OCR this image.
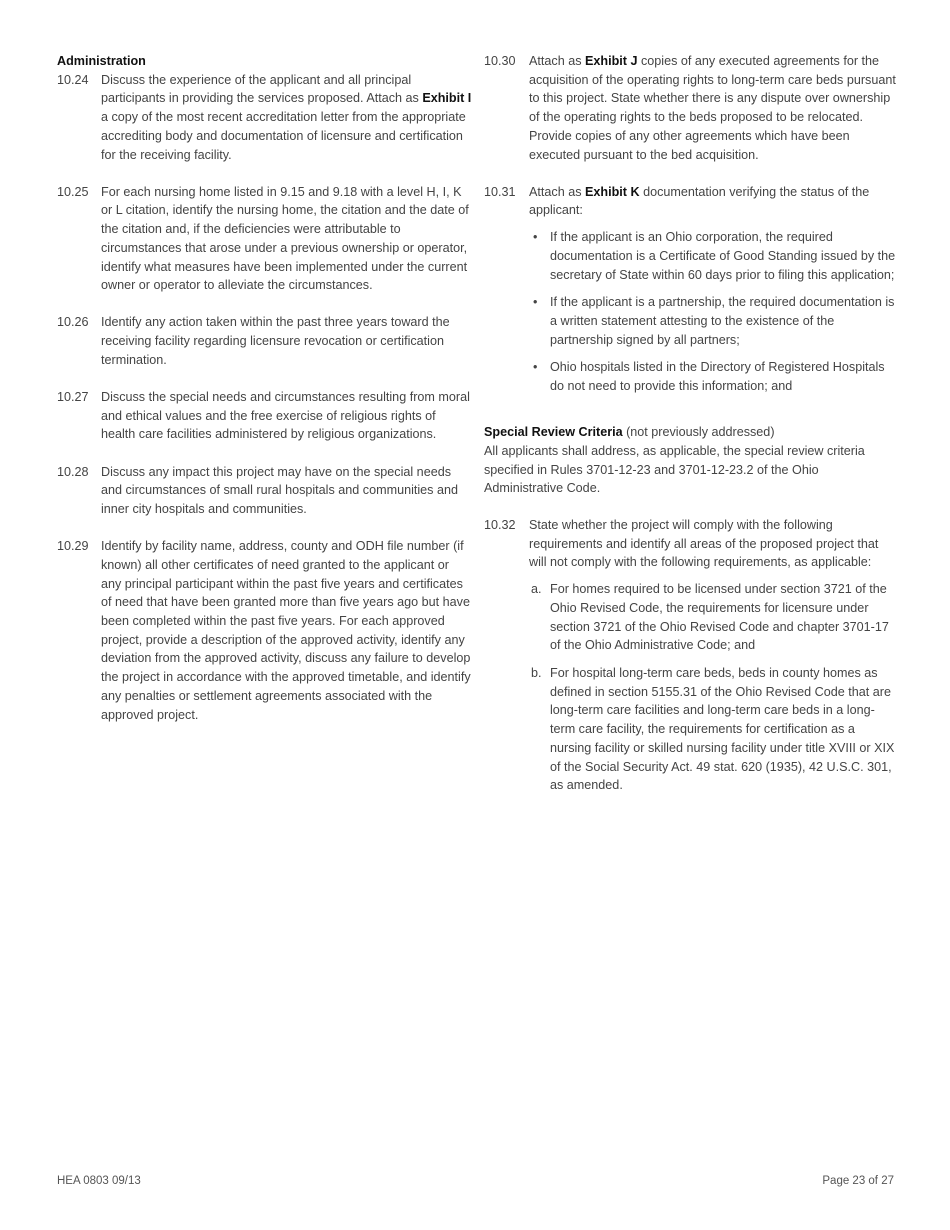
Administration
10.24 Discuss the experience of the applicant and all principal participants in providing the services proposed. Attach as Exhibit I a copy of the most recent accreditation letter from the appropriate accrediting body and documentation of licensure and certification for the receiving facility.
10.25 For each nursing home listed in 9.15 and 9.18 with a level H, I, K or L citation, identify the nursing home, the citation and the date of the citation and, if the deficiencies were attributable to circumstances that arose under a previous ownership or operator, identify what measures have been implemented under the current owner or operator to alleviate the circumstances.
10.26 Identify any action taken within the past three years toward the receiving facility regarding licensure revocation or certification termination.
10.27 Discuss the special needs and circumstances resulting from moral and ethical values and the free exercise of religious rights of health care facilities administered by religious organizations.
10.28 Discuss any impact this project may have on the special needs and circumstances of small rural hospitals and communities and inner city hospitals and communities.
10.29 Identify by facility name, address, county and ODH file number (if known) all other certificates of need granted to the applicant or any principal participant within the past five years and certificates of need that have been granted more than five years ago but have been completed within the past five years. For each approved project, provide a description of the approved activity, identify any deviation from the approved activity, discuss any failure to develop the project in accordance with the approved timetable, and identify any penalties or settlement agreements associated with the approved project.
10.30	Attach as Exhibit J copies of any executed agreements for the acquisition of the operating rights to long-term care beds pursuant to this project. State whether there is any dispute over ownership of the operating rights to the beds proposed to be relocated. Provide copies of any other agreements which have been executed pursuant to the bed acquisition.
10.31	Attach as Exhibit K documentation verifying the status of the applicant:
• If the applicant is an Ohio corporation, the required documentation is a Certificate of Good Standing issued by the secretary of State within 60 days prior to filing this application;
• If the applicant is a partnership, the required documentation is a written statement attesting to the existence of the partnership signed by all partners;
• Ohio hospitals listed in the Directory of Registered Hospitals do not need to provide this information; and
Special Review Criteria (not previously addressed)
All applicants shall address, as applicable, the special review criteria specified in Rules 3701-12-23 and 3701-12-23.2 of the Ohio Administrative Code.
10.32	State whether the project will comply with the following requirements and identify all areas of the proposed project that will not comply with the following requirements, as applicable:
a. For homes required to be licensed under section 3721 of the Ohio Revised Code, the requirements for licensure under section 3721 of the Ohio Revised Code and chapter 3701-17 of the Ohio Administrative Code; and
b. For hospital long-term care beds, beds in county homes as defined in section 5155.31 of the Ohio Revised Code that are long-term care facilities and long-term care beds in a long-term care facility, the requirements for certification as a nursing facility or skilled nursing facility under title XVIII or XIX of the Social Security Act. 49 stat. 620 (1935), 42 U.S.C. 301, as amended.
HEA 0803 09/13	Page 23 of 27
